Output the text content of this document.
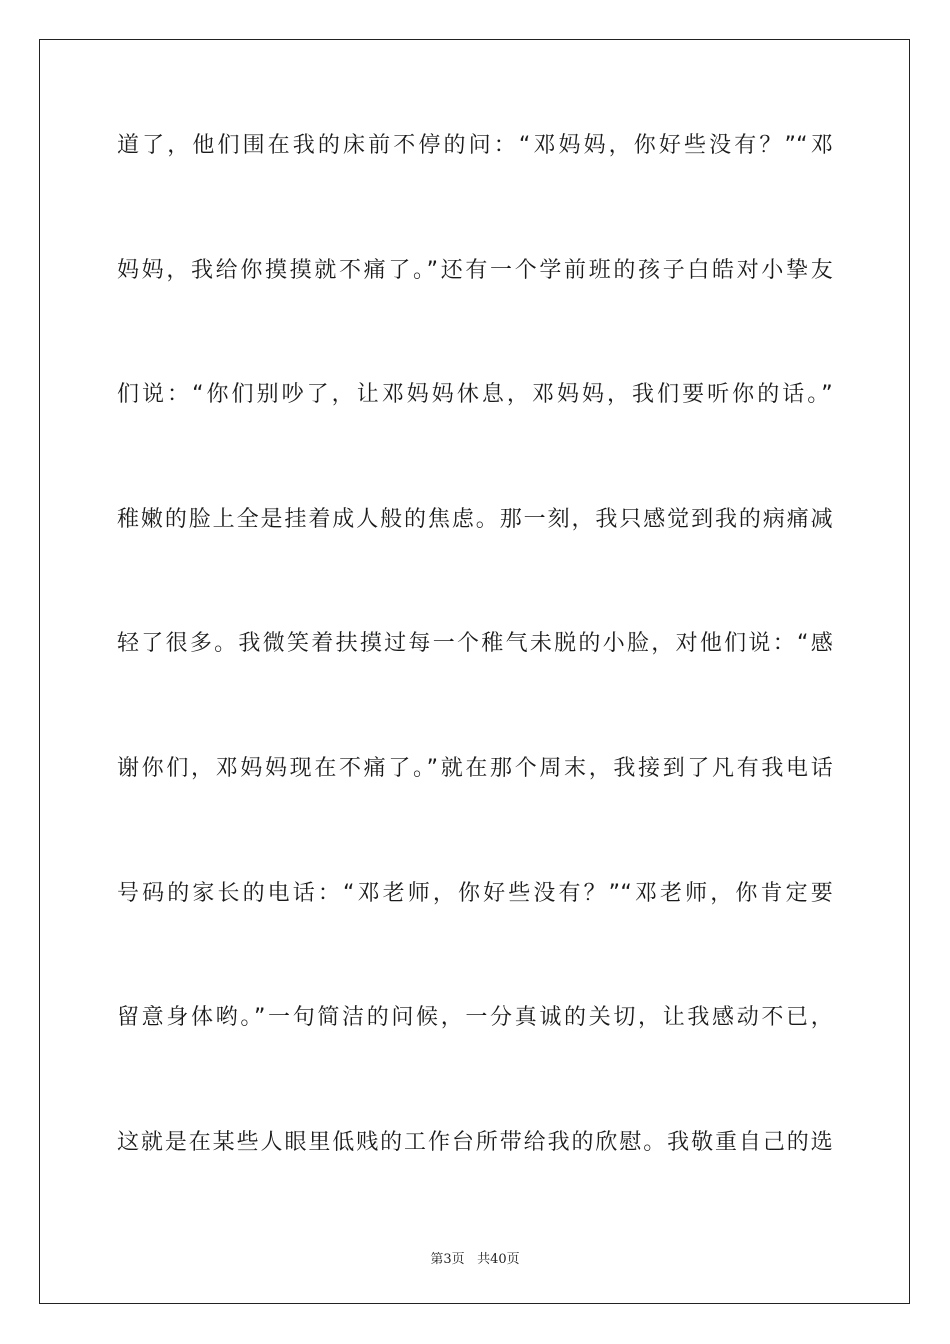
道了，他们围在我的床前不停的问：“邓妈妈，你好些没有？”“邓
妈妈，我给你摸摸就不痛了。”还有一个学前班的孩子白皓对小挚友
们说：“你们别吵了，让邓妈妈休息，邓妈妈，我们要听你的话。”
稚嫩的脸上全是挂着成人般的焦虑。那一刻，我只感觉到我的病痛减
轻了很多。我微笑着扶摸过每一个稚气未脱的小脸，对他们说：“感
谢你们，邓妈妈现在不痛了。”就在那个周末，我接到了凡有我电话
号码的家长的电话：“邓老师，你好些没有？”“邓老师，你肯定要
留意身体哟。”一句简洁的问候，一分真诚的关切，让我感动不已，
这就是在某些人眼里低贱的工作台所带给我的欣慰。我敬重自己的选
第3页 共40页
